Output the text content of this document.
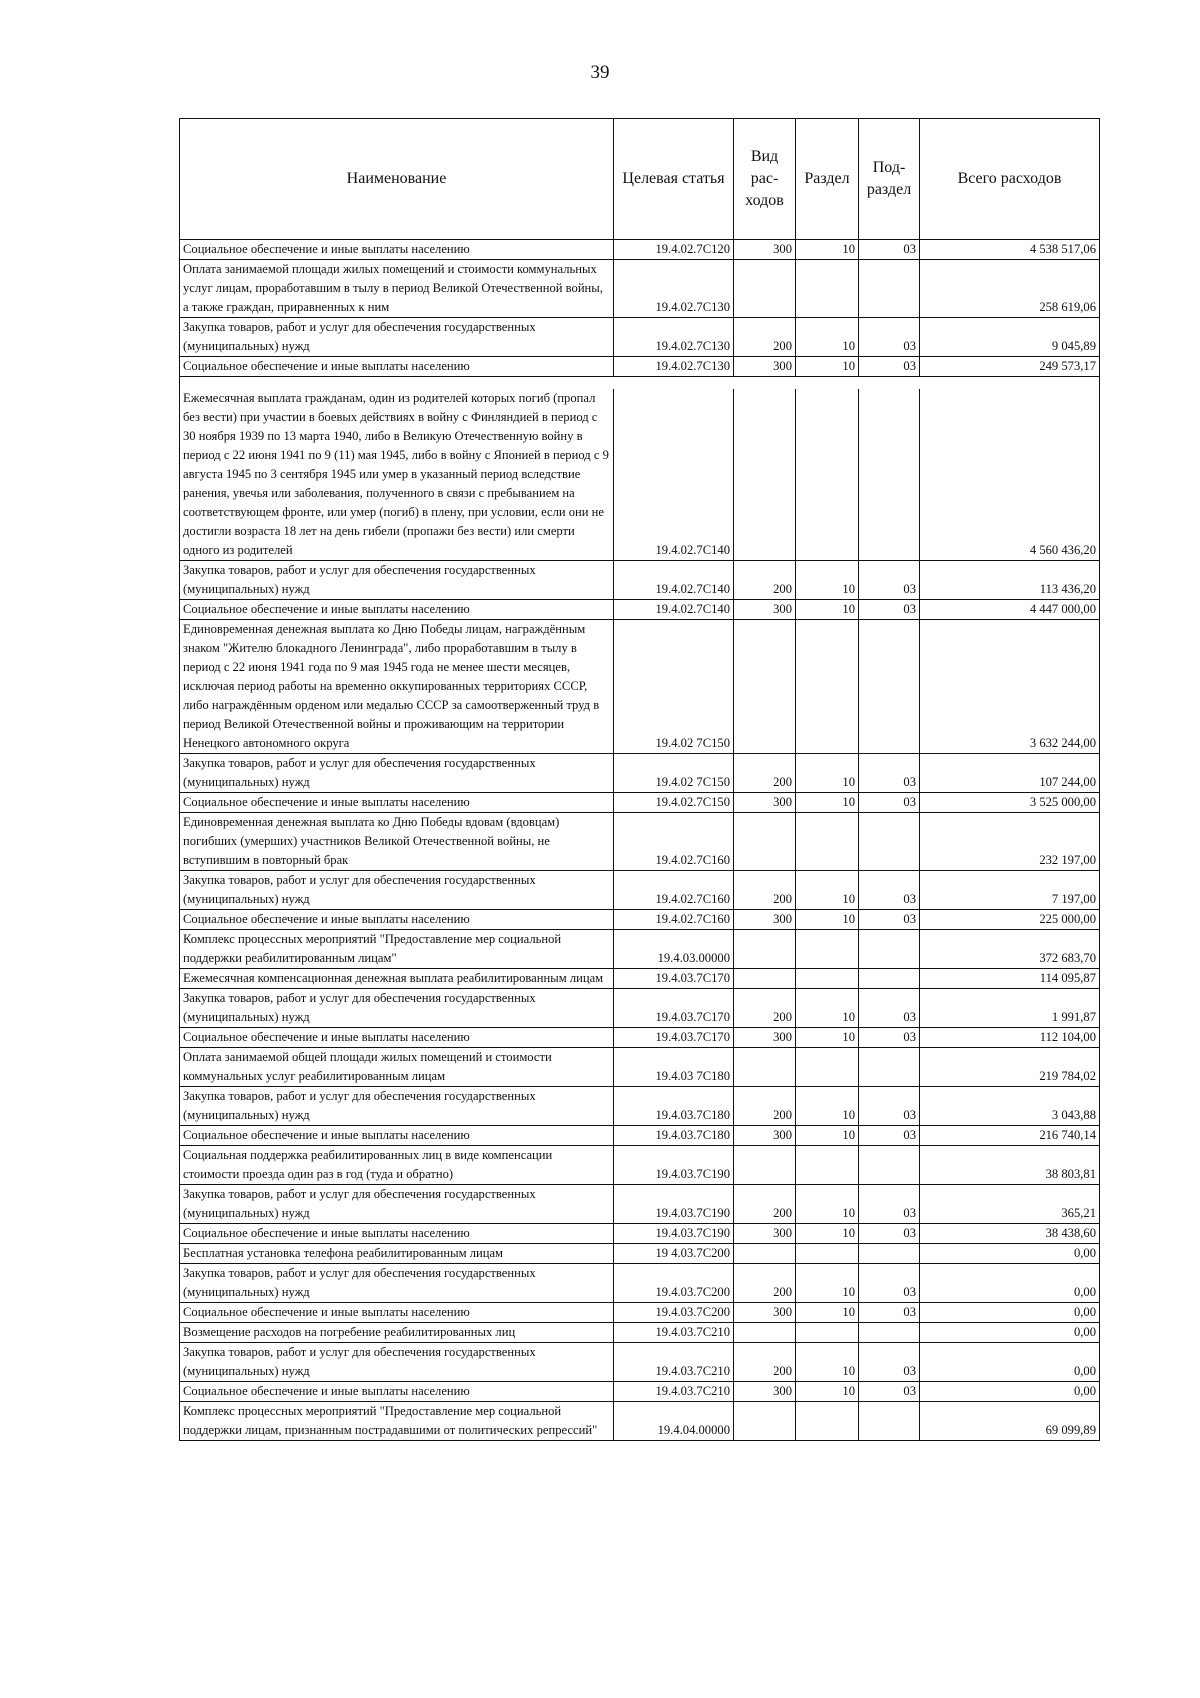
39
Наименование	Целевая статья	Вид рас- ходов	Раздел	Под- раздел	Всего расходов
Социальное обеспечение и иные выплаты населению	19.4.02.7С120	300	10	03	4 538 517,06
Оплата занимаемой площади жилых помещений и стоимости коммунальных услуг лицам, проработавшим в тылу в период Великой Отечественной войны, а также граждан, приравненных к ним	19.4.02.7С130				258 619,06
Закупка товаров, работ и услуг для обеспечения государственных (муниципальных) нужд	19.4.02.7С130	200	10	03	9 045,89
Социальное обеспечение и иные выплаты населению	19.4.02.7С130	300	10	03	249 573,17

Ежемесячная выплата гражданам, один из родителей которых погиб (пропал без вести) при участии в боевых действиях в войну с Финляндией в период с 30 ноября 1939 по 13 марта 1940, либо в Великую Отечественную войну в период с 22 июня 1941 по 9 (11) мая 1945, либо в войну с Японией в период с 9 августа 1945 по 3 сентября 1945 или умер в указанный период вследствие ранения, увечья или заболевания, полученного в связи с пребыванием на соответствующем фронте, или умер (погиб) в плену, при условии, если они не достигли возраста 18 лет на день гибели (пропажи без вести) или смерти одного из родителей	19.4.02.7С140				4 560 436,20
Закупка товаров, работ и услуг для обеспечения государственных (муниципальных) нужд	19.4.02.7С140	200	10	03	113 436,20
Социальное обеспечение и иные выплаты населению	19.4.02.7С140	300	10	03	4 447 000,00
Единовременная денежная выплата ко Дню Победы лицам, награждённым знаком "Жителю блокадного Ленинграда", либо проработавшим в тылу в период с 22 июня 1941 года по 9 мая 1945 года не менее шести месяцев, исключая период работы на временно оккупированных территориях СССР, либо награждённым орденом или медалью СССР за самоотверженный труд в период Великой Отечественной войны и проживающим на территории Ненецкого автономного округа	19.4.02 7С150				3 632 244,00
Закупка товаров, работ и услуг для обеспечения государственных (муниципальных) нужд	19.4.02 7С150	200	10	03	107 244,00
Социальное обеспечение и иные выплаты населению	19.4.02.7С150	300	10	03	3 525 000,00
Единовременная денежная выплата ко Дню Победы вдовам (вдовцам) погибших (умерших) участников Великой Отечественной войны, не вступившим в повторный брак	19.4.02.7С160				232 197,00
Закупка товаров, работ и услуг для обеспечения государственных (муниципальных) нужд	19.4.02.7С160	200	10	03	7 197,00
Социальное обеспечение и иные выплаты населению	19.4.02.7С160	300	10	03	225 000,00
Комплекс процессных мероприятий "Предоставление мер социальной поддержки реабилитированным лицам"	19.4.03.00000				372 683,70
Ежемесячная компенсационная денежная выплата реабилитированным лицам	19.4.03.7С170				114 095,87
Закупка товаров, работ и услуг для обеспечения государственных (муниципальных) нужд	19.4.03.7С170	200	10	03	1 991,87
Социальное обеспечение и иные выплаты населению	19.4.03.7С170	300	10	03	112 104,00
Оплата занимаемой общей площади жилых помещений и стоимости коммунальных услуг реабилитированным лицам	19.4.03 7С180				219 784,02
Закупка товаров, работ и услуг для обеспечения государственных (муниципальных) нужд	19.4.03.7С180	200	10	03	3 043,88
Социальное обеспечение и иные выплаты населению	19.4.03.7С180	300	10	03	216 740,14
Социальная поддержка реабилитированных лиц в виде компенсации стоимости проезда один раз в год (туда и обратно)	19.4.03.7С190				38 803,81
Закупка товаров, работ и услуг для обеспечения государственных (муниципальных) нужд	19.4.03.7С190	200	10	03	365,21
Социальное обеспечение и иные выплаты населению	19.4.03.7С190	300	10	03	38 438,60
Бесплатная установка телефона реабилитированным лицам	19 4.03.7С200				0,00
Закупка товаров, работ и услуг для обеспечения государственных (муниципальных) нужд	19.4.03.7С200	200	10	03	0,00
Социальное обеспечение и иные выплаты населению	19.4.03.7С200	300	10	03	0,00
Возмещение расходов на погребение реабилитированных лиц	19.4.03.7С210				0,00
Закупка товаров, работ и услуг для обеспечения государственных (муниципальных) нужд	19.4.03.7С210	200	10	03	0,00
Социальное обеспечение и иные выплаты населению	19.4.03.7С210	300	10	03	0,00
Комплекс процессных мероприятий "Предоставление мер социальной поддержки лицам, признанным пострадавшими от политических репрессий"	19.4.04.00000				69 099,89
